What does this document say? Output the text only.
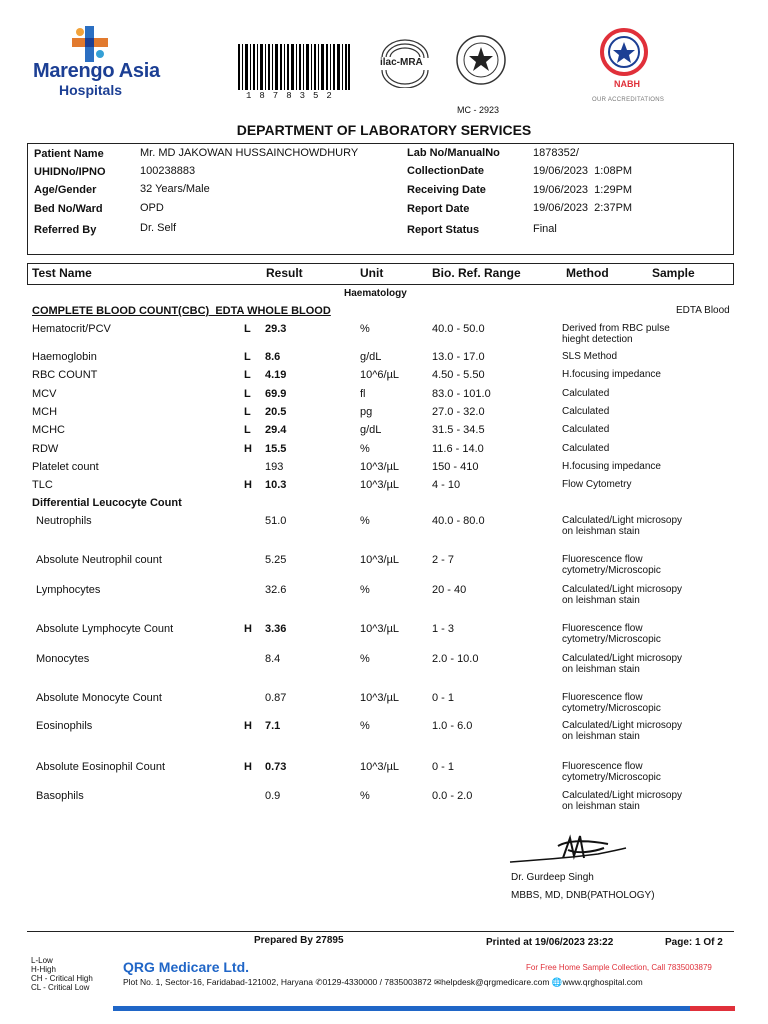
Marengo Asia
Hospitals	1878352
ilac-MRA
MC - 2923
NABH
OUR ACCREDITATIONS
DEPARTMENT OF LABORATORY SERVICES
Patient Name	Mr. MD JAKOWAN HUSSAINCHOWDHURY
UHIDNo/IPNO	100238883
Age/Gender	32 Years/Male
Bed No/Ward	OPD
Referred By	Dr. Self
Lab No/ManualNo	1878352/
CollectionDate	19/06/2023  1:08PM
Receiving Date	19/06/2023  1:29PM
Report Date	19/06/2023  2:37PM
Report Status	Final
Test Name	Result	Unit	Bio. Ref. Range	Method	Sample
Haematology
COMPLETE BLOOD COUNT(CBC)  EDTA WHOLE BLOOD	EDTA Blood
Hematocrit/PCV	L 29.3	%	40.0 - 50.0	Derived from RBC pulse hieght detection
Haemoglobin	L 8.6	g/dL	13.0 - 17.0	SLS Method
RBC COUNT	L 4.19	10^6/µL	4.50 - 5.50	H.focusing impedance
MCV	L 69.9	fl	83.0 - 101.0	Calculated
MCH	L 20.5	pg	27.0 - 32.0	Calculated
MCHC	L 29.4	g/dL	31.5 - 34.5	Calculated
RDW	H 15.5	%	11.6 - 14.0	Calculated
Platelet count	193	10^3/µL	150 - 410	H.focusing impedance
TLC	H 10.3	10^3/µL	4 - 10	Flow Cytometry
Differential Leucocyte Count
Neutrophils	51.0	%	40.0 - 80.0	Calculated/Light microsopy on leishman stain
Absolute Neutrophil count	5.25	10^3/µL	2 - 7	Fluorescence flow cytometry/Microscopic
Lymphocytes	32.6	%	20 - 40	Calculated/Light microsopy on leishman stain
Absolute Lymphocyte Count	H 3.36	10^3/µL	1 - 3	Fluorescence flow cytometry/Microscopic
Monocytes	8.4	%	2.0 - 10.0	Calculated/Light microsopy on leishman stain
Absolute Monocyte Count	0.87	10^3/µL	0 - 1	Fluorescence flow cytometry/Microscopic
Eosinophils	H 7.1	%	1.0 - 6.0	Calculated/Light microsopy on leishman stain
Absolute Eosinophil Count	H 0.73	10^3/µL	0 - 1	Fluorescence flow cytometry/Microscopic
Basophils	0.9	%	0.0 - 2.0	Calculated/Light microsopy on leishman stain
Dr. Gurdeep Singh
MBBS, MD, DNB(PATHOLOGY)
Prepared By 27895	Printed at 19/06/2023 23:22	Page: 1 Of 2
L-Low
H-High
CH - Critical High
CL - Critical Low
QRG Medicare Ltd.	For Free Home Sample Collection, Call 7835003879
Plot No. 1, Sector-16, Faridabad-121002, Haryana ✆0129-4330000 / 7835003872 ✉helpdesk@qrgmedicare.com 🌐www.qrghospital.com
